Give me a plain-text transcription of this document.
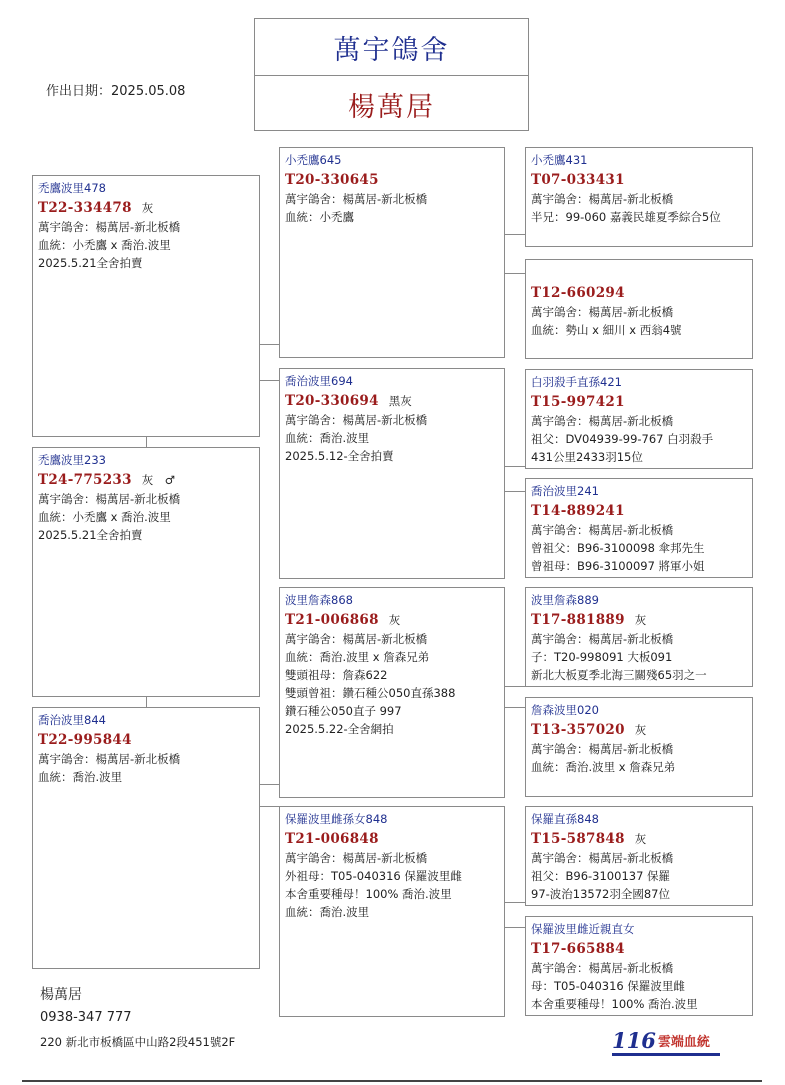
萬宇鴿舍
楊萬居
作出日期：2025.05.08
禿鷹波里478
T22-334478 灰
萬宇鴿舍：楊萬居-新北板橋
血統：小禿鷹 x 喬治.波里
2025.5.21全舍拍賣
禿鷹波里233
T24-775233 灰　♂
萬宇鴿舍：楊萬居-新北板橋
血統：小禿鷹 x 喬治.波里
2025.5.21全舍拍賣
喬治波里844
T22-995844
萬宇鴿舍：楊萬居-新北板橋
血統：喬治.波里
小禿鷹645
T20-330645
萬宇鴿舍：楊萬居-新北板橋
血統：小禿鷹
喬治波里694
T20-330694 黑灰
萬宇鴿舍：楊萬居-新北板橋
血統：喬治.波里
2025.5.12-全舍拍賣
波里詹森868
T21-006868 灰
萬宇鴿舍：楊萬居-新北板橋
血統：喬治.波里 x 詹森兄弟
雙頭祖母：詹森622
雙頭曾祖：鑽石種公050直孫388
鑽石種公050直子 997
2025.5.22-全舍網拍
保羅波里雌孫女848
T21-006848
萬宇鴿舍：楊萬居-新北板橋
外祖母：T05-040316 保羅波里雌
本舍重要種母！100% 喬治.波里
血統：喬治.波里
小禿鷹431
T07-033431
萬宇鴿舍：楊萬居-新北板橋
半兄：99-060 嘉義民雄夏季綜合5位
T12-660294
萬宇鴿舍：楊萬居-新北板橋
血統：勢山 x 細川 x 西翁4號
白羽殺手直孫421
T15-997421
萬宇鴿舍：楊萬居-新北板橋
祖父：DV04939-99-767 白羽殺手
431公里2433羽15位
喬治波里241
T14-889241
萬宇鴿舍：楊萬居-新北板橋
曾祖父：B96-3100098 傘邦先生
曾祖母：B96-3100097 將軍小姐
波里詹森889
T17-881889 灰
萬宇鴿舍：楊萬居-新北板橋
子：T20-998091 大板091
新北大板夏季北海三關殘65羽之一
詹森波里020
T13-357020 灰
萬宇鴿舍：楊萬居-新北板橋
血統：喬治.波里 x 詹森兄弟
保羅直孫848
T15-587848 灰
萬宇鴿舍：楊萬居-新北板橋
祖父：B96-3100137 保羅
97-波治13572羽全國87位
保羅波里雌近親直女
T17-665884
萬宇鴿舍：楊萬居-新北板橋
母：T05-040316 保羅波里雌
本舍重要種母！100% 喬治.波里
楊萬居
0938-347 777
220 新北市板橋區中山路2段451號2F	116 雲端血統
